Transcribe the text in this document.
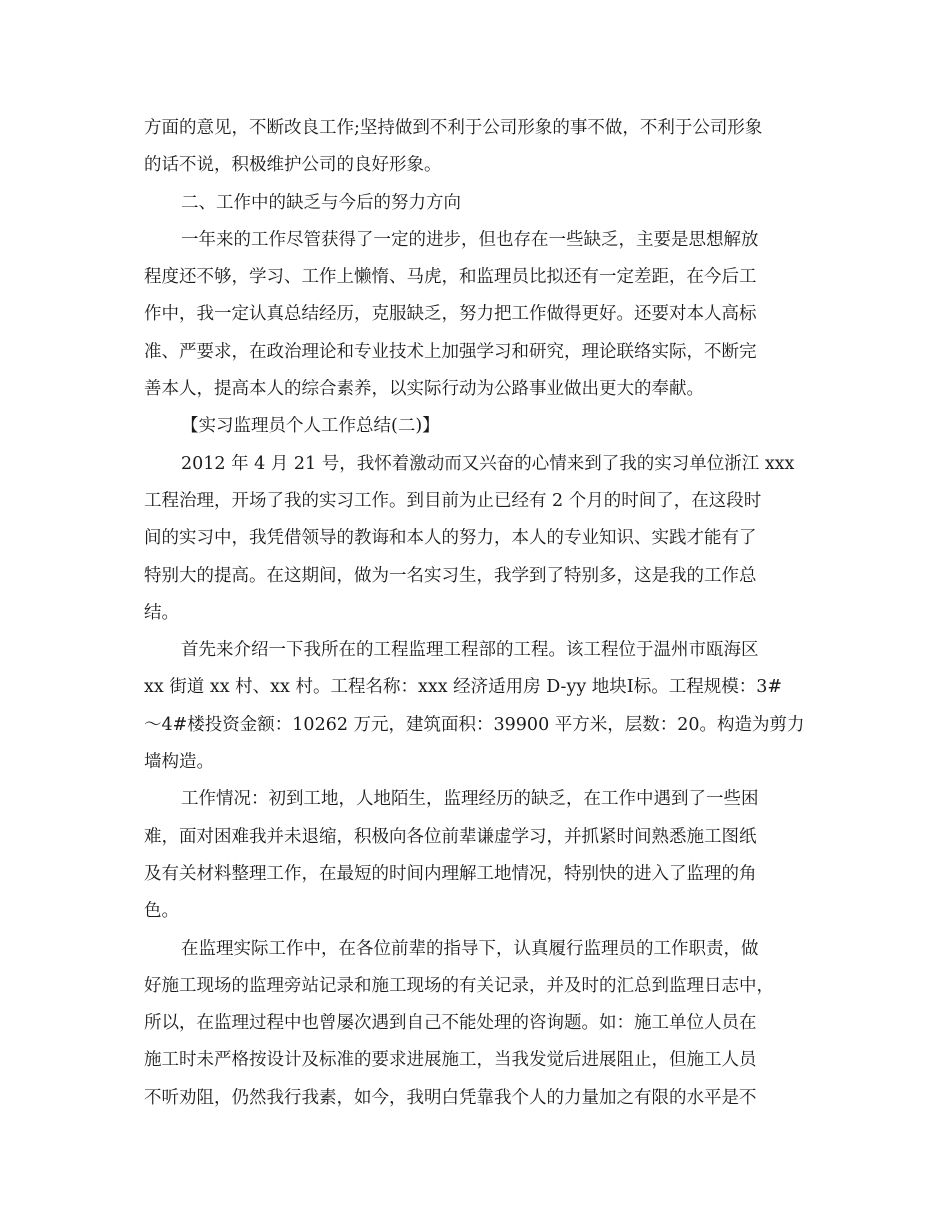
方面的意见，不断改良工作;坚持做到不利于公司形象的事不做，不利于公司形象
的话不说，积极维护公司的良好形象。
二、工作中的缺乏与今后的努力方向
一年来的工作尽管获得了一定的进步，但也存在一些缺乏，主要是思想解放
程度还不够，学习、工作上懒惰、马虎，和监理员比拟还有一定差距，在今后工
作中，我一定认真总结经历，克服缺乏，努力把工作做得更好。还要对本人高标
准、严要求，在政治理论和专业技术上加强学习和研究，理论联络实际，不断完
善本人，提高本人的综合素养，以实际行动为公路事业做出更大的奉献。
【实习监理员个人工作总结(二)】
2012 年 4 月 21 号，我怀着激动而又兴奋的心情来到了我的实习单位浙江 xxx
工程治理，开场了我的实习工作。到目前为止已经有 2 个月的时间了，在这段时
间的实习中，我凭借领导的教诲和本人的努力，本人的专业知识、实践才能有了
特别大的提高。在这期间，做为一名实习生，我学到了特别多，这是我的工作总
结。
首先来介绍一下我所在的工程监理工程部的工程。该工程位于温州市瓯海区
xx 街道 xx 村、xx 村。工程名称：xxx 经济适用房 D-yy 地块Ⅰ标。工程规模：3#
～4#楼投资金额：10262 万元，建筑面积：39900 平方米，层数：20。构造为剪力
墙构造。
工作情况：初到工地，人地陌生，监理经历的缺乏，在工作中遇到了一些困
难，面对困难我并未退缩，积极向各位前辈谦虚学习，并抓紧时间熟悉施工图纸
及有关材料整理工作，在最短的时间内理解工地情况，特别快的进入了监理的角
色。
在监理实际工作中，在各位前辈的指导下，认真履行监理员的工作职责，做
好施工现场的监理旁站记录和施工现场的有关记录，并及时的汇总到监理日志中，
所以，在监理过程中也曾屡次遇到自己不能处理的咨询题。如：施工单位人员在
施工时未严格按设计及标准的要求进展施工，当我发觉后进展阻止，但施工人员
不听劝阻，仍然我行我素，如今，我明白凭靠我个人的力量加之有限的水平是不
